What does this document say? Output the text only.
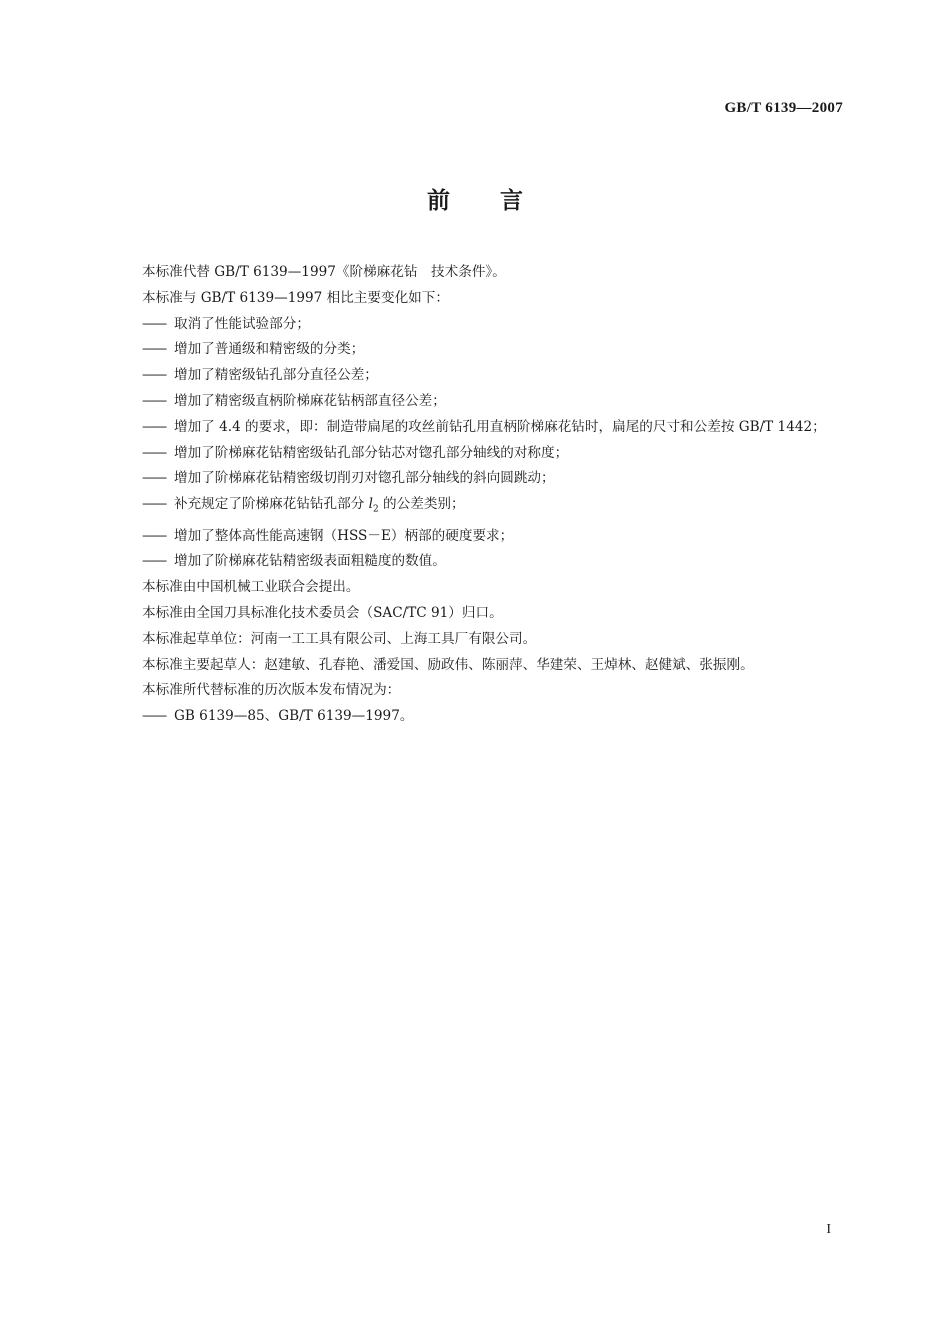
GB/T 6139—2007
前言
本标准代替 GB/T 6139—1997《阶梯麻花钻　技术条件》。
本标准与 GB/T 6139—1997 相比主要变化如下：
—— 取消了性能试验部分；
—— 增加了普通级和精密级的分类；
—— 增加了精密级钻孔部分直径公差；
—— 增加了精密级直柄阶梯麻花钻柄部直径公差；
—— 增加了 4.4 的要求，即：制造带扁尾的攻丝前钻孔用直柄阶梯麻花钻时，扁尾的尺寸和公差按 GB/T 1442；
—— 增加了阶梯麻花钻精密级钻孔部分钻芯对锪孔部分轴线的对称度；
—— 增加了阶梯麻花钻精密级切削刃对锪孔部分轴线的斜向圆跳动；
—— 补充规定了阶梯麻花钻钻孔部分 $l_2$ 的公差类别；
—— 增加了整体高性能高速钢（HSS－E）柄部的硬度要求；
—— 增加了阶梯麻花钻精密级表面粗糙度的数值。
本标准由中国机械工业联合会提出。
本标准由全国刀具标准化技术委员会（SAC/TC 91）归口。
本标准起草单位：河南一工工具有限公司、上海工具厂有限公司。
本标准主要起草人：赵建敏、孔春艳、潘爱国、励政伟、陈丽萍、华建荣、王焯林、赵健斌、张振刚。
本标准所代替标准的历次版本发布情况为：
—— GB 6139—85、GB/T 6139—1997。
I
